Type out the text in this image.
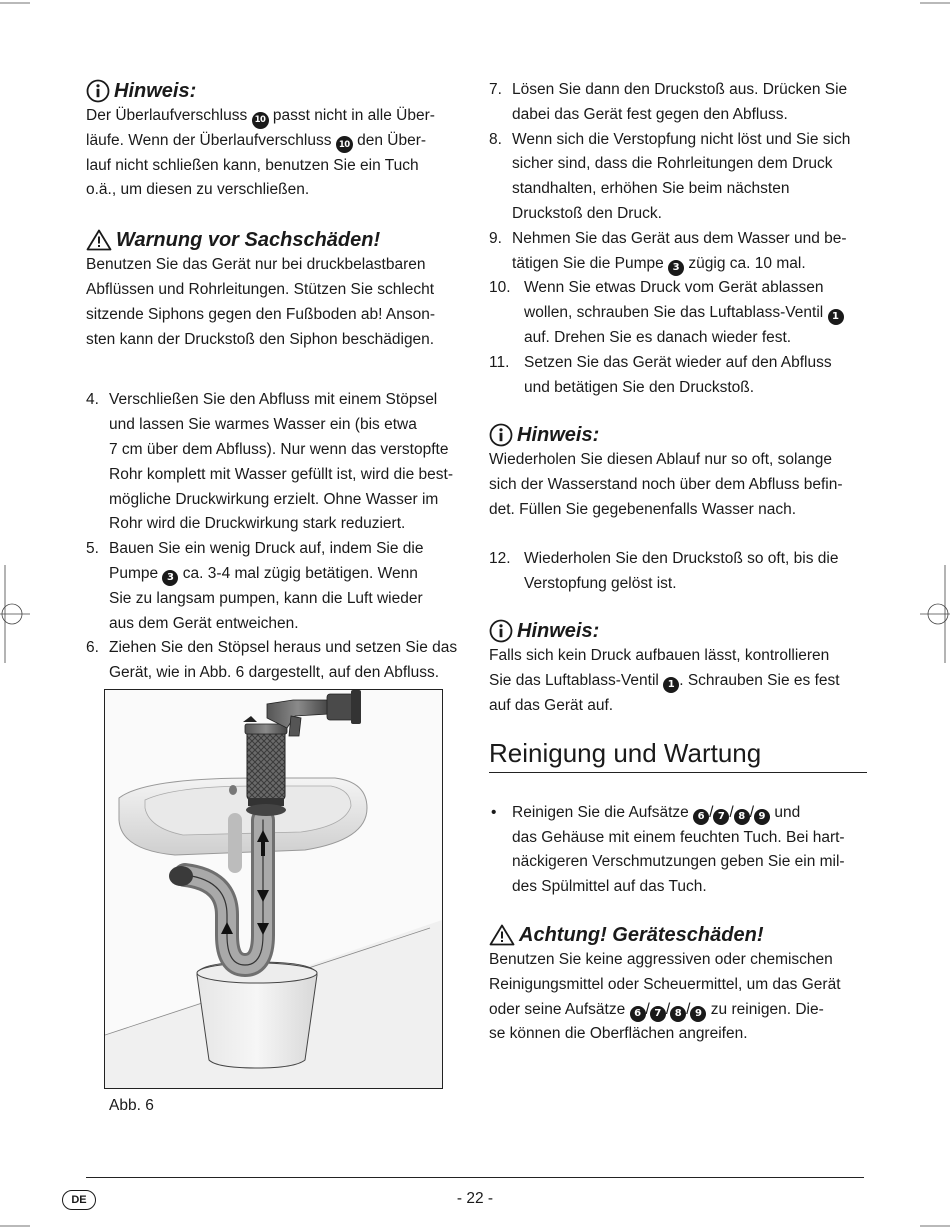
Hinweis:
Der Überlaufverschluss 10 passt nicht in alle Über-
läufe. Wenn der Überlaufverschluss 10 den Über-
lauf nicht schließen kann, benutzen Sie ein Tuch
o.ä., um diesen zu verschließen.
Warnung vor Sachschäden!
Benutzen Sie das Gerät nur bei druckbelastbaren
Abflüssen und Rohrleitungen. Stützen Sie schlecht
sitzende Siphons gegen den Fußboden ab! Anson-
sten kann der Druckstoß den Siphon beschädigen.
4. Verschließen Sie den Abfluss mit einem Stöpsel
und lassen Sie warmes Wasser ein (bis etwa
7 cm über dem Abfluss). Nur wenn das verstopfte
Rohr komplett mit Wasser gefüllt ist, wird die best-
mögliche Druckwirkung erzielt. Ohne Wasser im
Rohr wird die Druckwirkung stark reduziert.
5. Bauen Sie ein wenig Druck auf, indem Sie die
Pumpe 3 ca. 3-4 mal zügig betätigen. Wenn
Sie zu langsam pumpen, kann die Luft wieder
aus dem Gerät entweichen.
6. Ziehen Sie den Stöpsel heraus und setzen Sie das
Gerät, wie in Abb. 6 dargestellt, auf den Abfluss.
Abb. 6
7. Lösen Sie dann den Druckstoß aus. Drücken Sie
dabei das Gerät fest gegen den Abfluss.
8. Wenn sich die Verstopfung nicht löst und Sie sich
sicher sind, dass die Rohrleitungen dem Druck
standhalten, erhöhen Sie beim nächsten
Druckstoß den Druck.
9. Nehmen Sie das Gerät aus dem Wasser und be-
tätigen Sie die Pumpe 3 zügig ca. 10 mal.
10. Wenn Sie etwas Druck vom Gerät ablassen
wollen, schrauben Sie das Luftablass-Ventil 1
auf. Drehen Sie es danach wieder fest.
11. Setzen Sie das Gerät wieder auf den Abfluss
und betätigen Sie den Druckstoß.
Hinweis:
Wiederholen Sie diesen Ablauf nur so oft, solange
sich der Wasserstand noch über dem Abfluss befin-
det. Füllen Sie gegebenenfalls Wasser nach.
12. Wiederholen Sie den Druckstoß so oft, bis die
Verstopfung gelöst ist.
Hinweis:
Falls sich kein Druck aufbauen lässt, kontrollieren
Sie das Luftablass-Ventil 1 . Schrauben Sie es fest
auf das Gerät auf.
Reinigung und Wartung
• Reinigen Sie die Aufsätze 6 / 7 / 8 / 9 und
das Gehäuse mit einem feuchten Tuch. Bei hart-
näckigeren Verschmutzungen geben Sie ein mil-
des Spülmittel auf das Tuch.
Achtung! Geräteschäden!
Benutzen Sie keine aggressiven oder chemischen
Reinigungsmittel oder Scheuermittel, um das Gerät
oder seine Aufsätze 6 / 7 / 8 / 9 zu reinigen. Die-
se können die Oberflächen angreifen.
DE	- 22 -
